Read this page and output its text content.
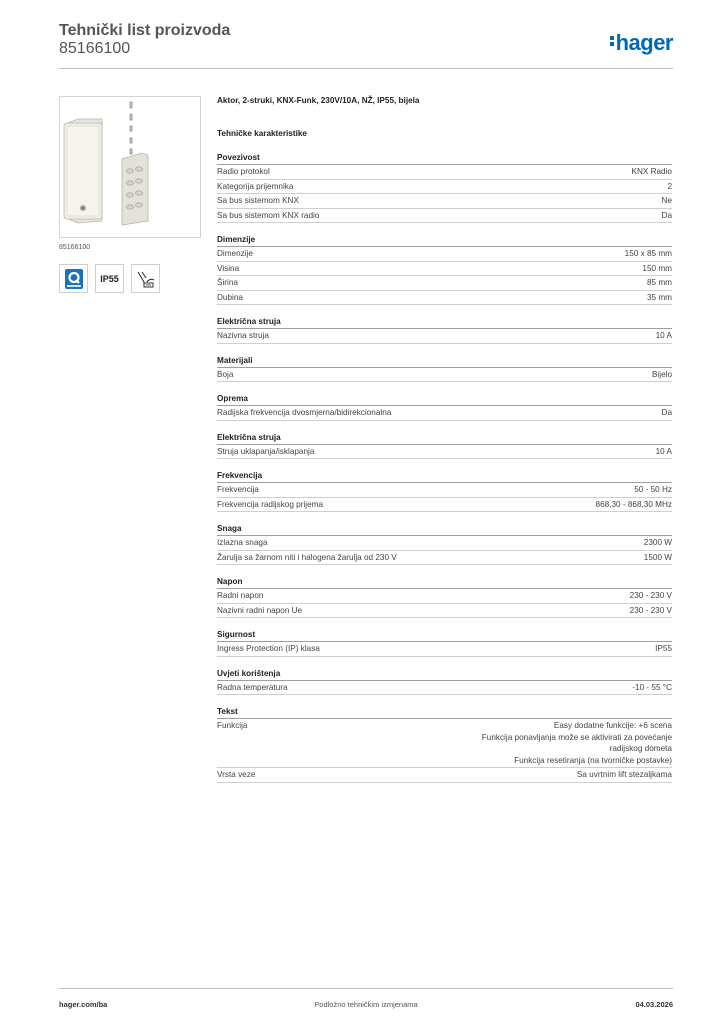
Tehnički list proizvoda
85166100	hager
85166100
IP55
Aktor, 2-struki, KNX-Funk, 230V/10A, NŽ, IP55, bijela
Tehničke karakteristike
Povezivost
Radio protokol	KNX Radio
Kategorija prijemnika	2
Sa bus sistemom KNX	Ne
Sa bus sistemom KNX radio	Da
Dimenzije
Dimenzije	150 x 85 mm
Visina	150 mm
Širina	85 mm
Dubina	35 mm
Električna struja
Nazivna struja	10 A
Materijali
Boja	Bijelo
Oprema
Radijska frekvencija dvosmjerna/bidirekcionalna	Da
Električna struja
Struja uklapanja/isklapanja	10 A
Frekvencija
Frekvencija	50 - 50 Hz
Frekvencija radijskog prijema	868,30 - 868,30 MHz
Snaga
Izlazna snaga	2300 W
Žarulja sa žarnom niti i halogena žarulja od 230 V	1500 W
Napon
Radni napon	230 - 230 V
Nazivni radni napon Ue	230 - 230 V
Sigurnost
Ingress Protection (IP) klasa	IP55
Uvjeti korištenja
Radna temperatura	-10 - 55 °C
Tekst
Funkcija	Easy dodatne funkcije: +6 scena
Funkcija ponavljanja može se aktivirati za povećanje
radijskog dometa
Funkcija resetiranja (na tvorničke postavke)
Vrsta veze	Sa uvrtnim lift stezaljkama
hager.com/ba	Podložno tehničkim izmjenama	04.03.2026
